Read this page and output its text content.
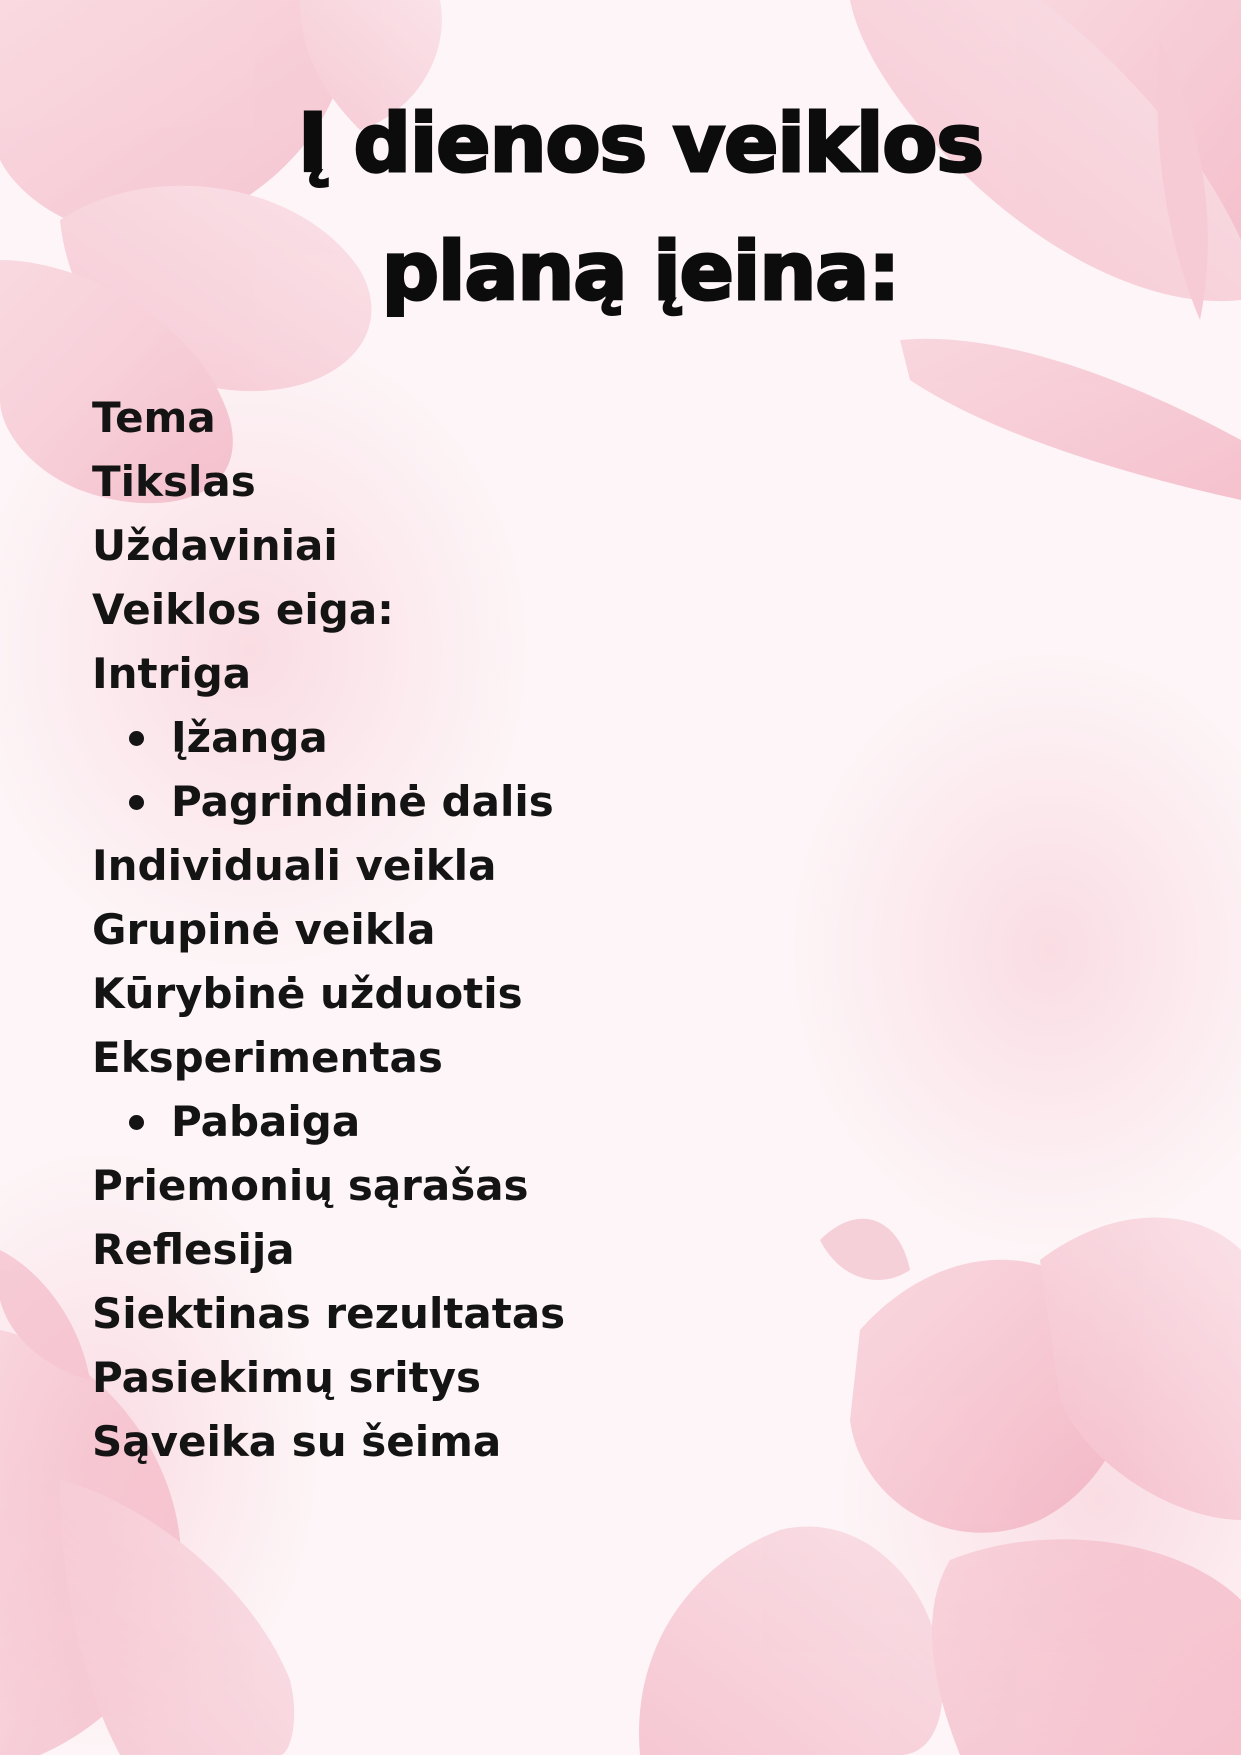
Į dienos veiklos
planą įeina:
Tema
Tikslas
Uždaviniai
Veiklos eiga:
Intriga
Įžanga
Pagrindinė dalis
Individuali veikla
Grupinė veikla
Kūrybinė užduotis
Eksperimentas
Pabaiga
Priemonių sąrašas
Reflesija
Siektinas rezultatas
Pasiekimų sritys
Sąveika su šeima
